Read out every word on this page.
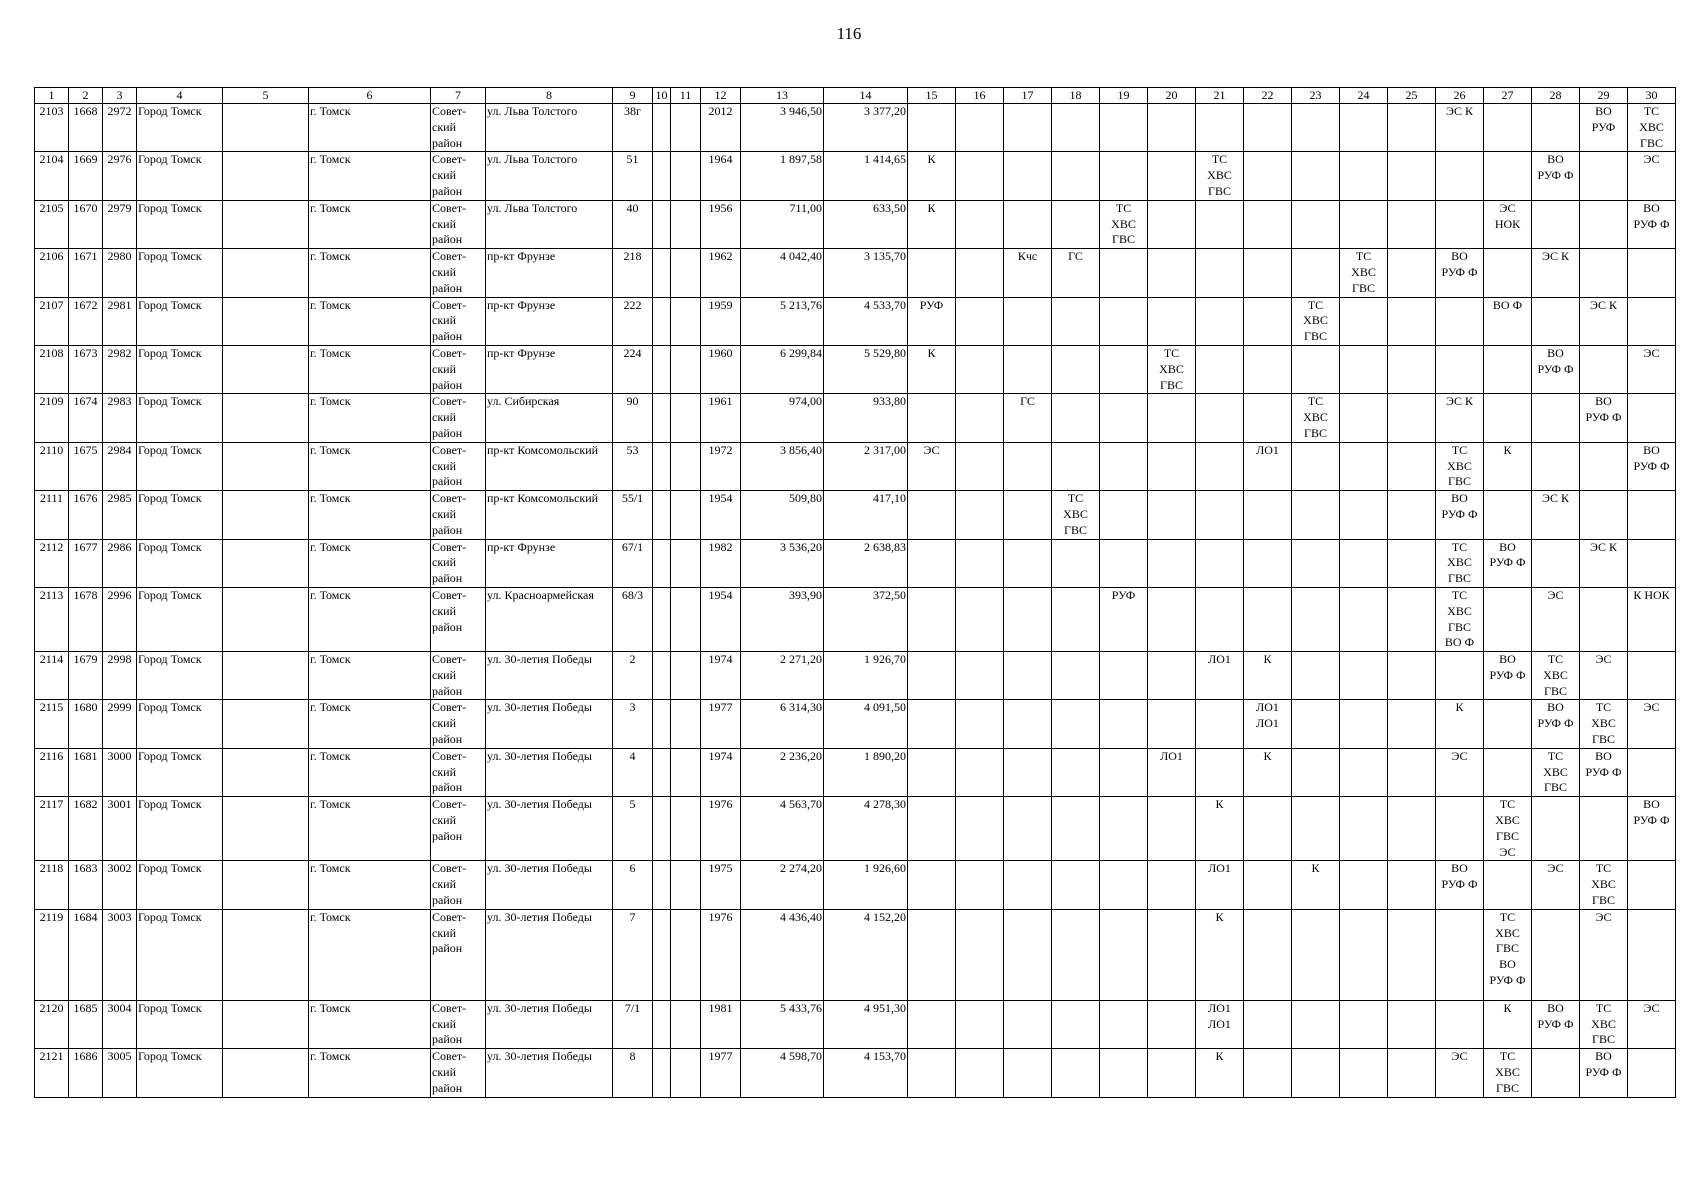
116
1	2	3	4	5	6	7	8	9	10	11	12	13	14	15	16	17	18	19	20	21	22	23	24	25	26	27	28	29	30
2103	1668	2972	Город Томск		г. Томск	Совет-
ский
район	ул. Льва Толстого	38г			2012	3 946,50	3 377,20												ЭС К			ВО
РУФ	ТС
ХВС
ГВС
2104	1669	2976	Город Томск		г. Томск	Совет-
ский
район	ул. Льва Толстого	51			1964	1 897,58	1 414,65	К						ТС
ХВС
ГВС							ВО
РУФ Ф		ЭС
2105	1670	2979	Город Томск		г. Томск	Совет-
ский
район	ул. Льва Толстого	40			1956	711,00	633,50	К				ТС
ХВС
ГВС								ЭС
НОК			ВО
РУФ Ф
2106	1671	2980	Город Томск		г. Томск	Совет-
ский
район	пр-кт Фрунзе	218			1962	4 042,40	3 135,70			Кчс	ГС						ТС
ХВС
ГВС		ВО
РУФ Ф		ЭС К		
2107	1672	2981	Город Томск		г. Томск	Совет-
ский
район	пр-кт Фрунзе	222			1959	5 213,76	4 533,70	РУФ								ТС
ХВС
ГВС				ВО Ф		ЭС К	
2108	1673	2982	Город Томск		г. Томск	Совет-
ский
район	пр-кт Фрунзе	224			1960	6 299,84	5 529,80	К					ТС
ХВС
ГВС								ВО
РУФ Ф		ЭС
2109	1674	2983	Город Томск		г. Томск	Совет-
ский
район	ул. Сибирская	90			1961	974,00	933,80			ГС						ТС
ХВС
ГВС			ЭС К			ВО
РУФ Ф	
2110	1675	2984	Город Томск		г. Томск	Совет-
ский
район	пр-кт Комсомольский	53			1972	3 856,40	2 317,00	ЭС							ЛО1				ТС
ХВС
ГВС	К			ВО
РУФ Ф
2111	1676	2985	Город Томск		г. Томск	Совет-
ский
район	пр-кт Комсомольский	55/1			1954	509,80	417,10				ТС
ХВС
ГВС								ВО
РУФ Ф		ЭС К		
2112	1677	2986	Город Томск		г. Томск	Совет-
ский
район	пр-кт Фрунзе	67/1			1982	3 536,20	2 638,83												ТС
ХВС
ГВС	ВО
РУФ Ф		ЭС К	
2113	1678	2996	Город Томск		г. Томск	Совет-
ский
район	ул. Красноармейская	68/3			1954	393,90	372,50					РУФ							ТС
ХВС
ГВС
ВО Ф		ЭС		К НОК
2114	1679	2998	Город Томск		г. Томск	Совет-
ский
район	ул. 30-летия Победы	2			1974	2 271,20	1 926,70							ЛО1	К					ВО
РУФ Ф	ТС
ХВС
ГВС	ЭС	
2115	1680	2999	Город Томск		г. Томск	Совет-
ский
район	ул. 30-летия Победы	3			1977	6 314,30	4 091,50								ЛО1
ЛО1				К		ВО
РУФ Ф	ТС
ХВС
ГВС	ЭС
2116	1681	3000	Город Томск		г. Томск	Совет-
ский
район	ул. 30-летия Победы	4			1974	2 236,20	1 890,20						ЛО1		К				ЭС		ТС
ХВС
ГВС	ВО
РУФ Ф	
2117	1682	3001	Город Томск		г. Томск	Совет-
ский
район	ул. 30-летия Победы	5			1976	4 563,70	4 278,30							К						ТС
ХВС
ГВС
ЭС			ВО
РУФ Ф
2118	1683	3002	Город Томск		г. Томск	Совет-
ский
район	ул. 30-летия Победы	6			1975	2 274,20	1 926,60							ЛО1		К			ВО
РУФ Ф		ЭС	ТС
ХВС
ГВС	
2119	1684	3003	Город Томск		г. Томск	Совет-
ский
район	ул. 30-летия Победы	7			1976	4 436,40	4 152,20							К						ТС
ХВС
ГВС
ВО
РУФ Ф		ЭС	
2120	1685	3004	Город Томск		г. Томск	Совет-
ский
район	ул. 30-летия Победы	7/1			1981	5 433,76	4 951,30							ЛО1
ЛО1						К	ВО
РУФ Ф	ТС
ХВС
ГВС	ЭС
2121	1686	3005	Город Томск		г. Томск	Совет-
ский
район	ул. 30-летия Победы	8			1977	4 598,70	4 153,70							К					ЭС	ТС
ХВС
ГВС		ВО
РУФ Ф	
